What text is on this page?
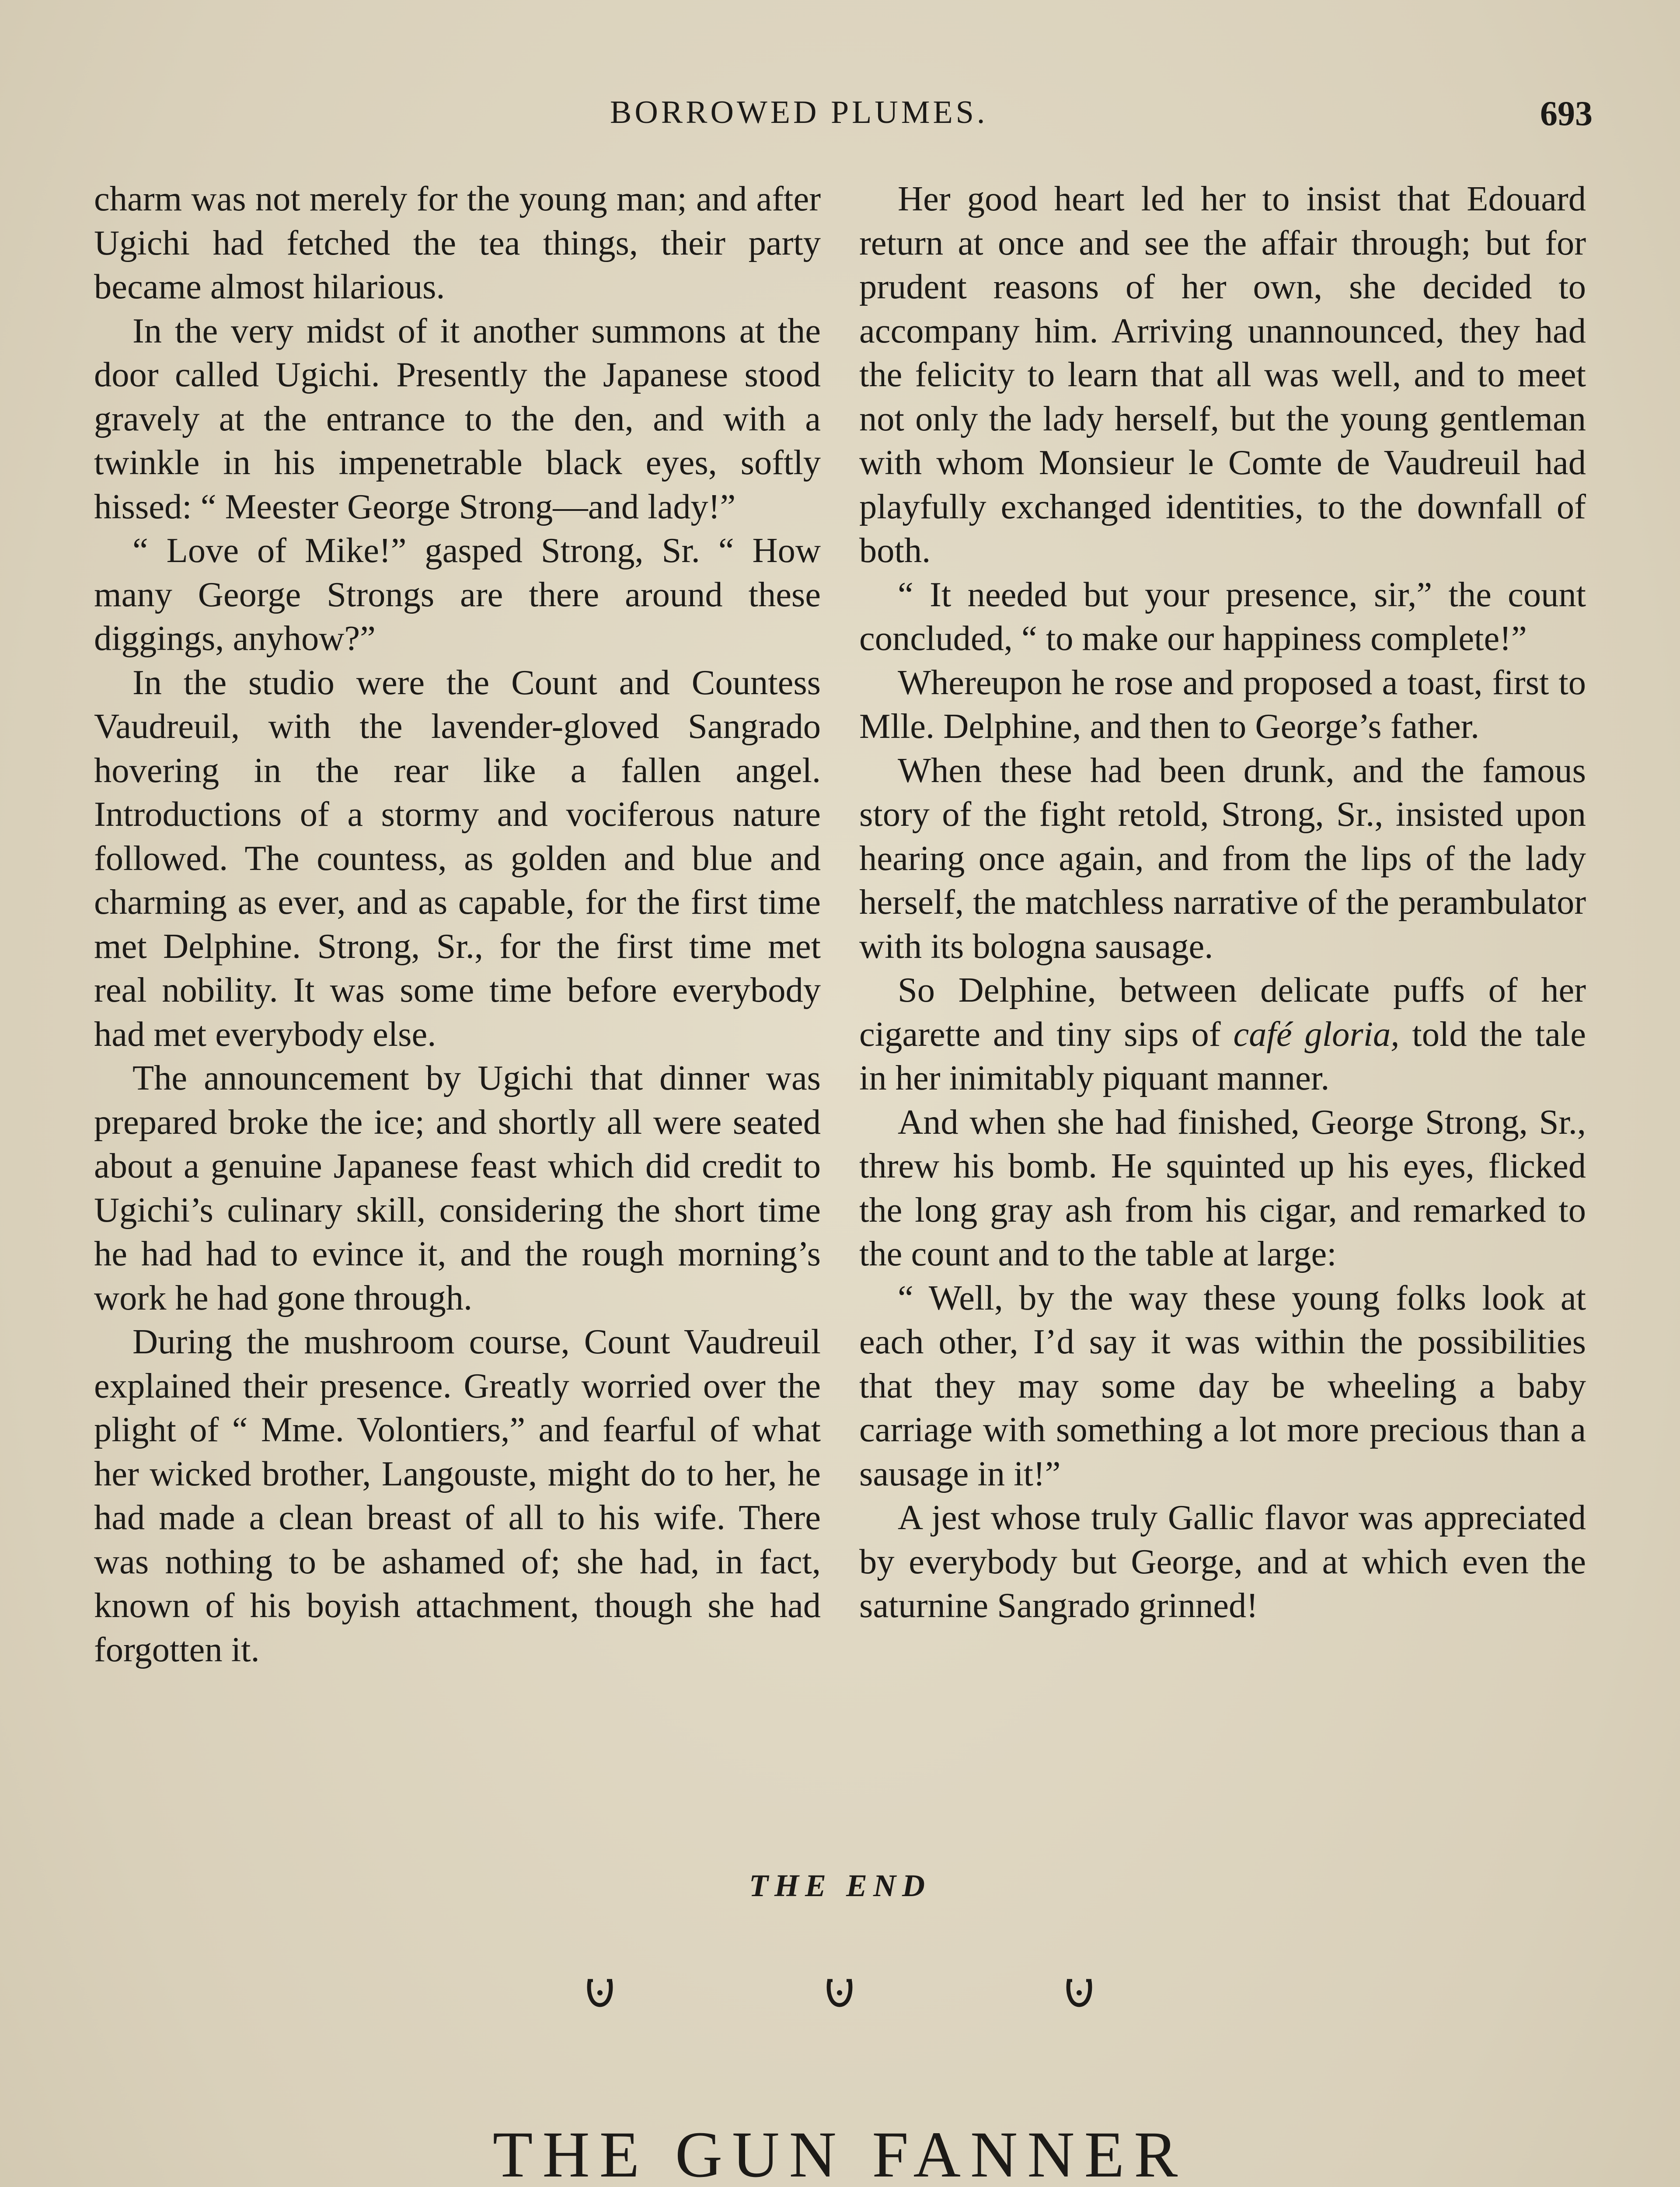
BORROWED PLUMES.	693

charm was not merely for the young man; and after Ugichi had fetched the tea things, their party became almost hilarious.

In the very midst of it another summons at the door called Ugichi. Presently the Japanese stood gravely at the entrance to the den, and with a twinkle in his impenetrable black eyes, softly hissed: “ Meester George Strong—and lady!”

“ Love of Mike!” gasped Strong, Sr. “ How many George Strongs are there around these diggings, anyhow?”

In the studio were the Count and Countess Vaudreuil, with the lavender-gloved Sangrado hovering in the rear like a fallen angel. Introductions of a stormy and vociferous nature followed. The countess, as golden and blue and charming as ever, and as capable, for the first time met Delphine. Strong, Sr., for the first time met real nobility. It was some time before everybody had met everybody else.

The announcement by Ugichi that dinner was prepared broke the ice; and shortly all were seated about a genuine Japanese feast which did credit to Ugichi’s culinary skill, considering the short time he had had to evince it, and the rough morning’s work he had gone through.

During the mushroom course, Count Vaudreuil explained their presence. Greatly worried over the plight of “ Mme. Volontiers,” and fearful of what her wicked brother, Langouste, might do to her, he had made a clean breast of all to his wife. There was nothing to be ashamed of; she had, in fact, known of his boyish attachment, though she had forgotten it.

Her good heart led her to insist that Edouard return at once and see the affair through; but for prudent reasons of her own, she decided to accompany him. Arriving unannounced, they had the felicity to learn that all was well, and to meet not only the lady herself, but the young gentleman with whom Monsieur le Comte de Vaudreuil had playfully exchanged identities, to the downfall of both.

“ It needed but your presence, sir,” the count concluded, “ to make our happiness complete!”

Whereupon he rose and proposed a toast, first to Mlle. Delphine, and then to George’s father.

When these had been drunk, and the famous story of the fight retold, Strong, Sr., insisted upon hearing once again, and from the lips of the lady herself, the matchless narrative of the perambulator with its bologna sausage.

So Delphine, between delicate puffs of her cigarette and tiny sips of café gloria, told the tale in her inimitably piquant manner.

And when she had finished, George Strong, Sr., threw his bomb. He squinted up his eyes, flicked the long gray ash from his cigar, and remarked to the count and to the table at large:

“ Well, by the way these young folks look at each other, I’d say it was within the possibilities that they may some day be wheeling a baby carriage with something a lot more precious than a sausage in it!”

A jest whose truly Gallic flavor was appreciated by everybody but George, and at which even the saturnine Sangrado grinned!

THE END
THE GUN FANNER
